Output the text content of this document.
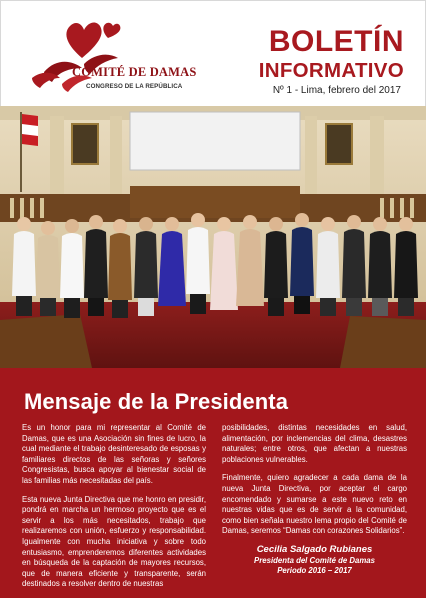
COMITÉ DE DAMAS
CONGRESO DE LA REPÚBLICA
BOLETÍN
INFORMATIVO
Nº 1 - Lima, febrero del 2017
Mensaje de la Presidenta

Es un honor para mi representar al Comité de Damas, que es una Asociación sin fines de lucro, la cual mediante el trabajo desinteresado de esposas y familiares directos de las señoras y señores Congresistas, busca apoyar al bienestar social de las familias más necesitadas del país.

Esta nueva Junta Directiva que me honro en presidir, pondrá en marcha un hermoso proyecto que es el servir a los más necesitados, trabajo que realizaremos con unión, esfuerzo y responsabilidad. Igualmente con mucha iniciativa y sobre todo entusiasmo, emprenderemos diferentes actividades en búsqueda de la captación de mayores recursos, que de manera eficiente y transparente, serán destinados a resolver dentro de nuestras

posibilidades, distintas necesidades en salud, alimentación, por inclemencias del clima, desastres naturales; entre otros, que afectan a nuestras poblaciones vulnerables.

Finalmente, quiero agradecer a cada dama de la nueva Junta Directiva, por aceptar el cargo encomendado y sumarse a este nuevo reto en nuestras vidas que es de servir a la comunidad, como bien señala nuestro lema propio del Comité de Damas, seremos “Damas con corazones Solidarios”.

Cecilia Salgado Rubianes
Presidenta del Comité de Damas
Periodo 2016 – 2017
